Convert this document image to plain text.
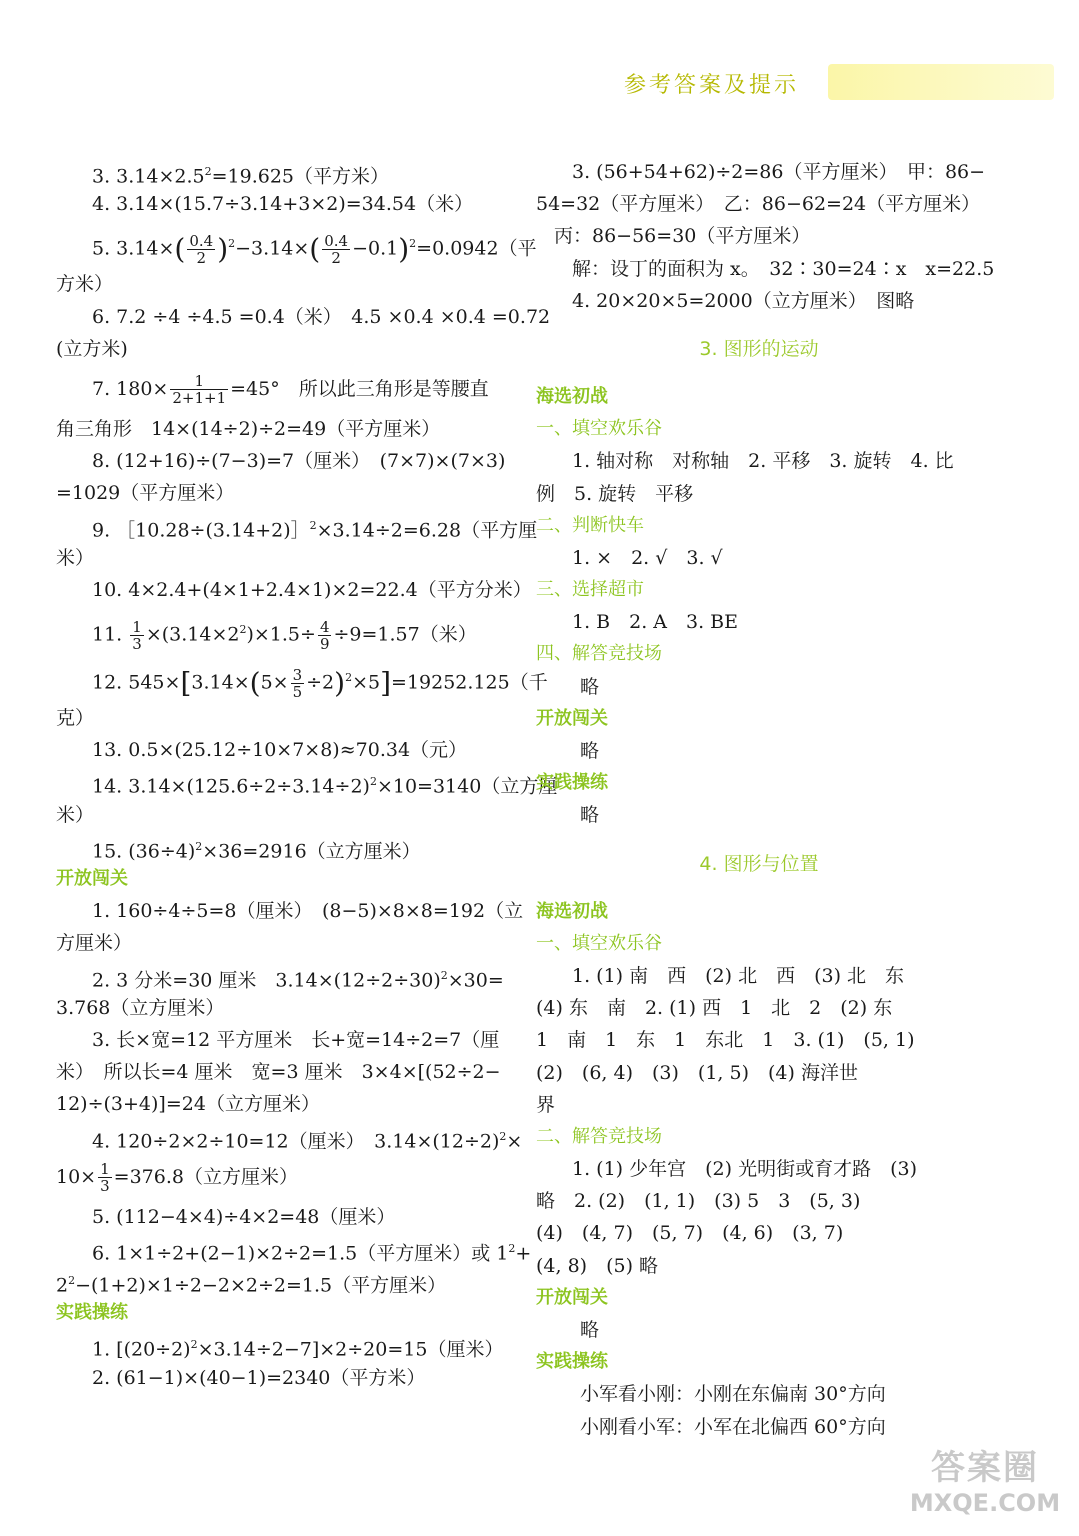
参考答案及提示
3. $3.14\times 2.5^2=19.625$（平方米）
4. 3.14×(15.7÷3.14+3×2)=34.54（米）
5. $3.14\times( \frac{0.4}{2} )^2-3.14\times( \frac{0.4}{2} -0.1)^2=0.0942$（平
方米）
6. 7.2 ÷4 ÷4.5 =0.4（米）　4.5 ×0.4 ×0.4 =0.72
(立方米)
7. $180\times \frac{1}{2+1+1} =45^\circ$　所以此三角形是等腰直
角三角形　14×(14÷2)÷2=49（平方厘米）
8. (12+16)÷(7−3)=7（厘米）　(7×7)×(7×3)
=1029（平方厘米）
9. ［10.28÷(3.14+2)］$^2$×3.14÷2=6.28（平方厘
米）
10. 4×2.4+(4×1+2.4×1)×2=22.4（平方分米）
11. $\frac{1}{3} \times(3.14\times 2^2)\times 1.5\div \frac{4}{9} \div 9=1.57$（米）
12. $545\times[3.14\times(5\times \frac{3}{5} \div 2)^2\times 5]=19252.125$（千
克）
13. 0.5×(25.12÷10×7×8)≈70.34（元）
14. $3.14\times(125.6\div 2\div 3.14\div 2)^2\times 10=3140$（立方厘
米）
15. $(36\div 4)^2\times 36=2916$（立方厘米）
开放闯关
1. 160÷4÷5=8（厘米）　(8−5)×8×8=192（立
方厘米）
2. 3 分米=30 厘米　$3.14\times(12\div 2\div 30)^2\times 30=$
3.768（立方厘米）
3. 长×宽=12 平方厘米　长+宽=14÷2=7（厘
米）　所以长=4 厘米　宽=3 厘米　3×4×[(52÷2−
12)÷(3+4)]=24（立方厘米）
4. 120÷2×2÷10=12（厘米）　$3.14\times(12\div 2)^2\times$
$10\times \frac{1}{3} =376.8$（立方厘米）
5. (112−4×4)÷4×2=48（厘米）
6. 1×1÷2+(2−1)×2÷2=1.5（平方厘米）或 $1^2+$
$2^2-(1+2)\times 1\div 2-2\times 2\div 2=1.5$（平方厘米）
实践操练
1. $[(20\div 2)^2\times 3.14\div 2-7]\times 2\div 20=15$（厘米）
2. (61−1)×(40−1)=2340（平方米）
3. (56+54+62)÷2=86（平方厘米）　甲：86−
54=32（平方厘米）　乙：86−62=24（平方厘米）
丙：86−56=30（平方厘米）
解：设丁的面积为 x。　32∶30=24∶x　x=22.5
4. 20×20×5=2000（立方厘米）　图略
3. 图形的运动
海选初战
一、填空欢乐谷
1. 轴对称　对称轴　2. 平移　3. 旋转　4. 比
例　5. 旋转　平移
二、判断快车
1. ×　2. √　3. √
三、选择超市
1. B　2. A　3. BE
四、解答竞技场
略
开放闯关
略
实践操练
略
4. 图形与位置
海选初战
一、填空欢乐谷
1. (1) 南　西　(2) 北　西　(3) 北　东
(4) 东　南　2. (1) 西　1　北　2　(2) 东
1　南　1　东　1　东北　1　3. (1)　(5, 1)
(2)　(6, 4)　(3)　(1, 5)　(4) 海洋世
界
二、解答竞技场
1. (1) 少年宫　(2) 光明街或育才路　(3)
略　2. (2)　(1, 1)　(3) 5　3　(5, 3)
(4)　(4, 7)　(5, 7)　(4, 6)　(3, 7)
(4, 8)　(5) 略
开放闯关
略
实践操练
小军看小刚：小刚在东偏南 30°方向
小刚看小军：小军在北偏西 60°方向
答案圈
MXQE.COM
